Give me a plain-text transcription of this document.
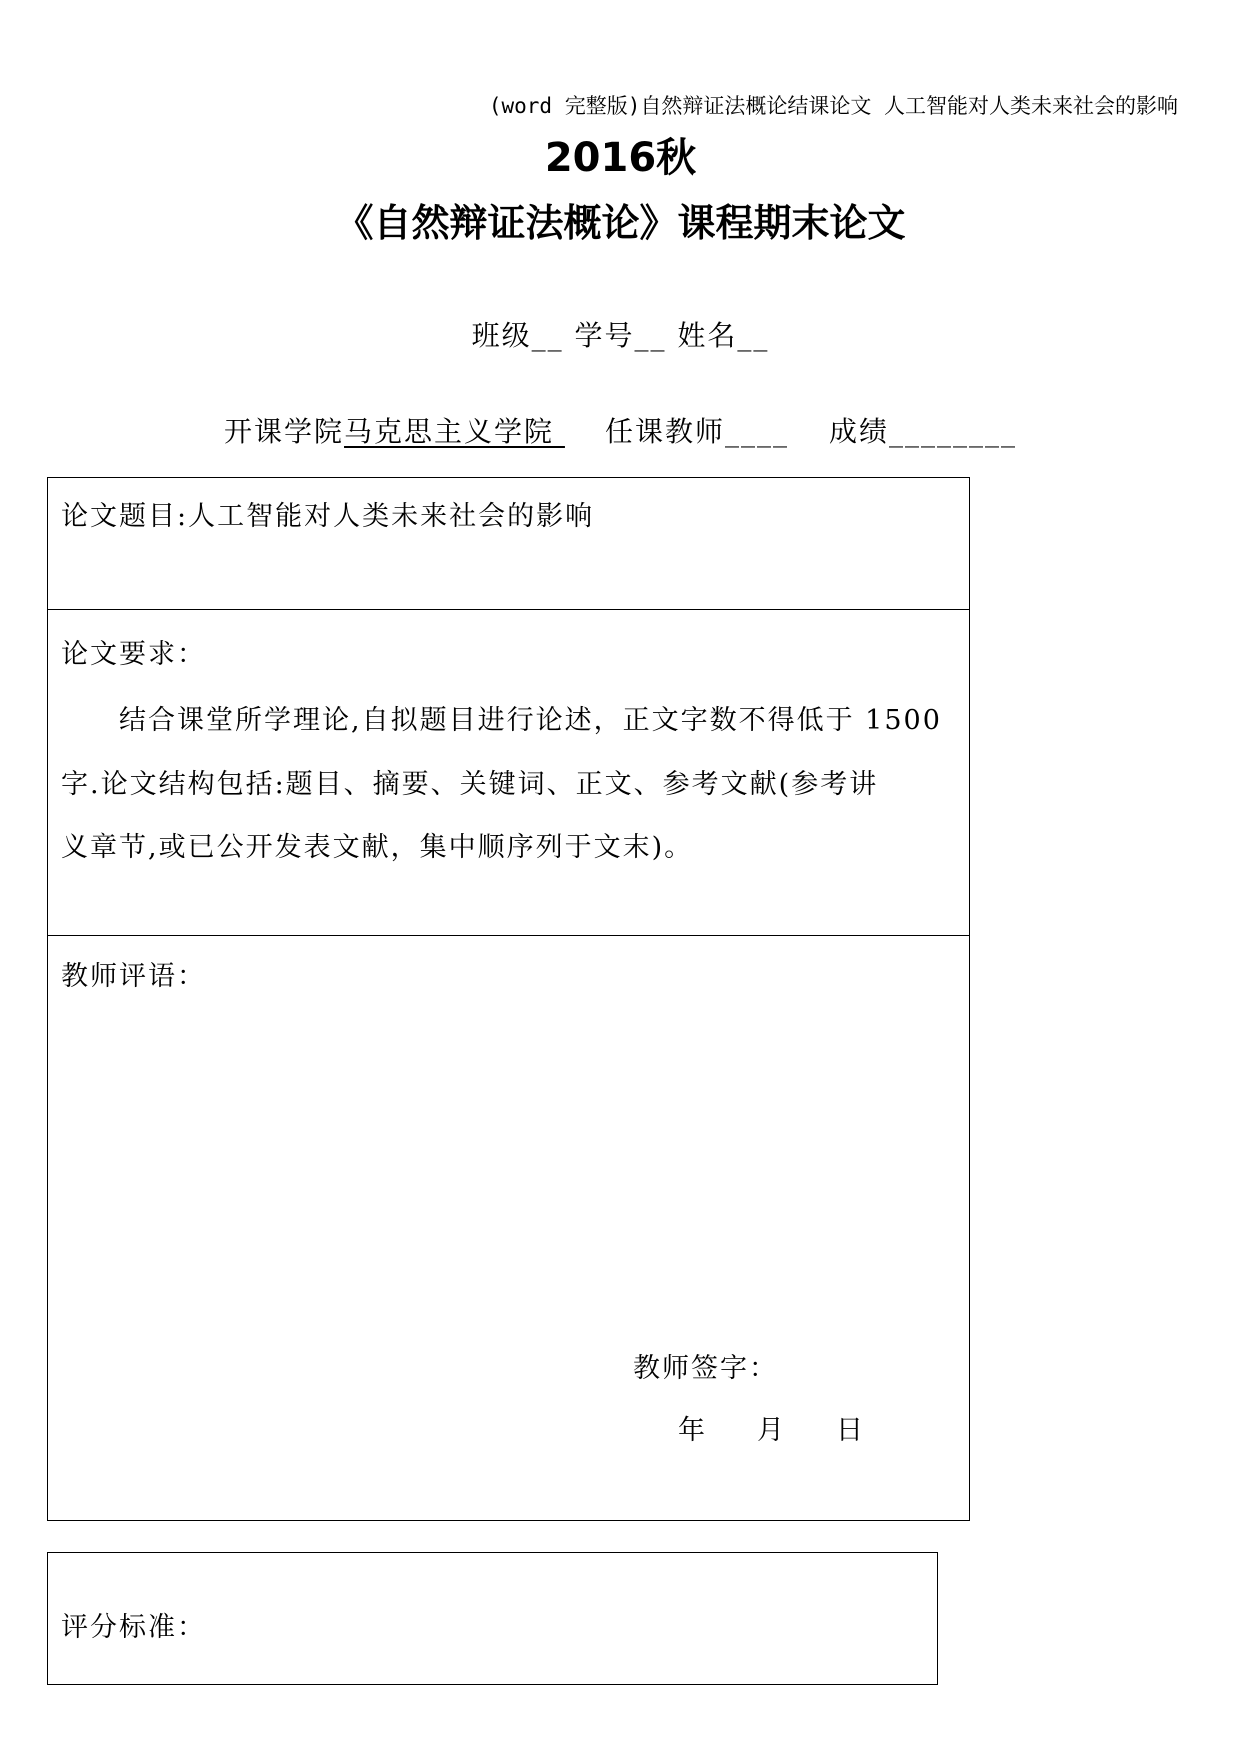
(word 完整版)自然辩证法概论结课论文 人工智能对人类未来社会的影响
2016秋
《自然辩证法概论》课程期末论文
班级__ 学号__ 姓名__
开课学院马克思主义学院 任课教师____ 成绩________
论文题目:人工智能对人类未来社会的影响
论文要求：
结合课堂所学理论,自拟题目进行论述，正文字数不得低于 1500
字.论文结构包括:题目、摘要、关键词、正文、参考文献(参考讲
义章节,或已公开发表文献，集中顺序列于文末)。
教师评语：
教师签字：
年 月 日
评分标准：
